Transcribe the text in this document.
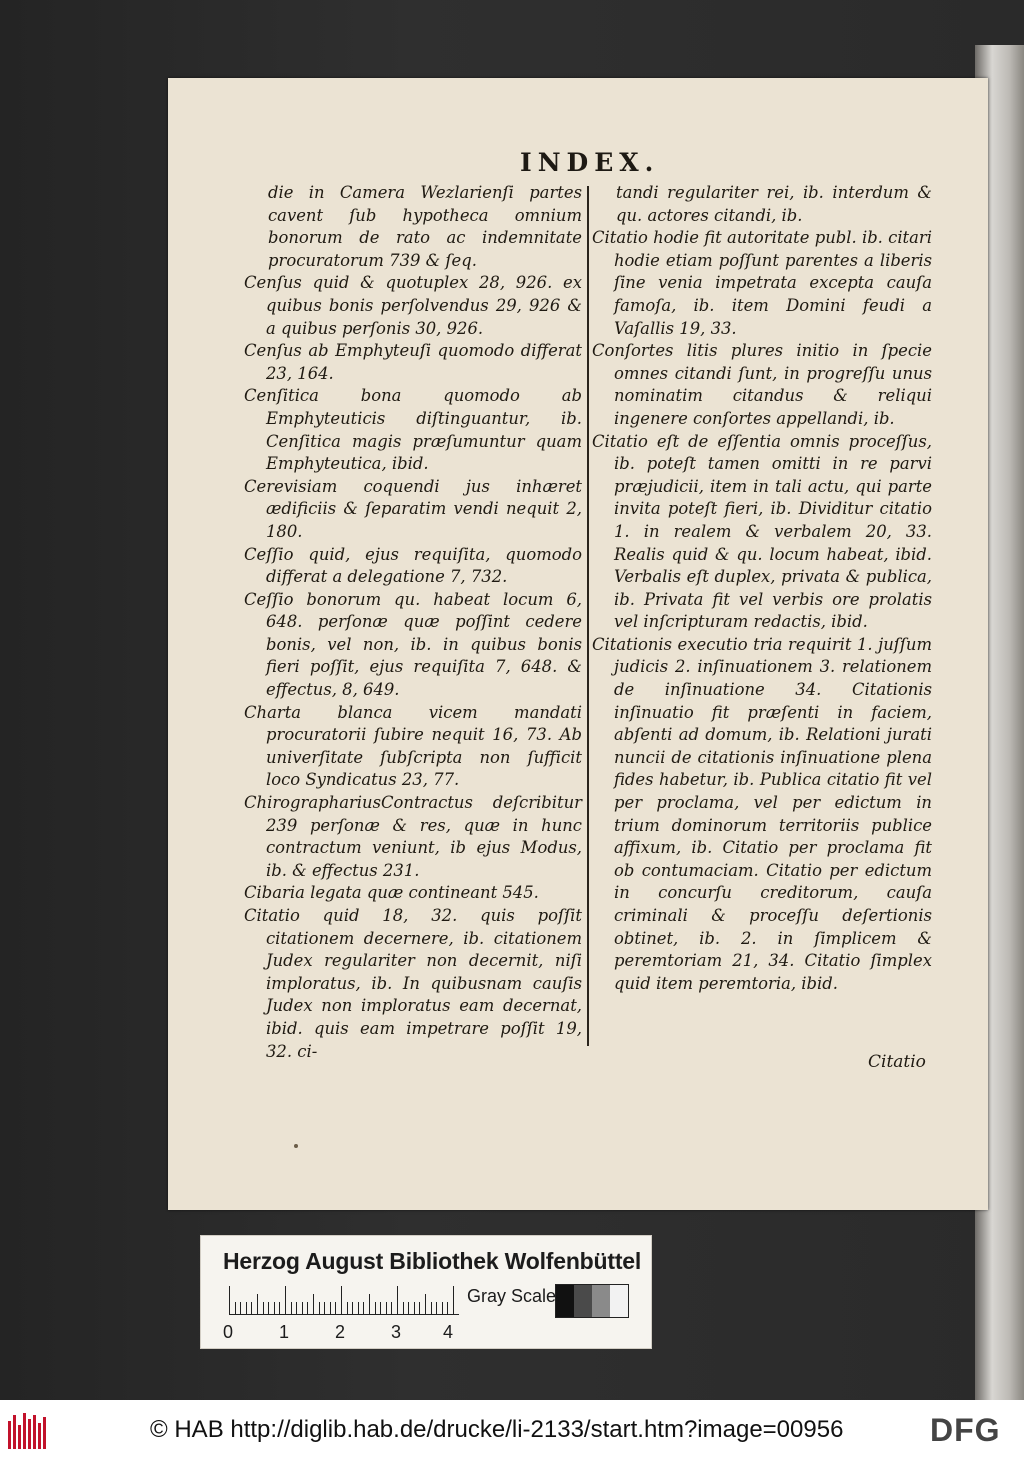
INDEX.

die in Camera Wezlarienſi partes cavent ſub hypotheca omnium bonorum de rato ac indemnitate procuratorum 739 & ſeq.

Cenſus quid & quotuplex 28, 926. ex quibus bonis perſolvendus 29, 926 & a quibus perſonis 30, 926.

Cenſus ab Emphyteuſi quomodo differat 23, 164.

Cenſitica bona quomodo ab Emphyteuticis diſtinguantur, ib. Cenſitica magis præſumuntur quam Emphyteutica, ibid.

Cerevisiam coquendi jus inhæret ædificiis & ſeparatim vendi nequit 2, 180.

Ceſſio quid, ejus requiſita, quomodo differat a delegatione 7, 732.

Ceſſio bonorum qu. habeat locum 6, 648. perſonæ quæ poſſint cedere bonis, vel non, ib. in quibus bonis fieri poſſit, ejus requiſita 7, 648. & effectus, 8, 649.

Charta blanca vicem mandati procuratorii ſubire nequit 16, 73. Ab univerſitate ſubſcripta non ſufficit loco Syndicatus 23, 77.

ChirographariusContractus deſcribitur 239 perſonæ & res, quæ in hunc contractum veniunt, ib ejus Modus, ib. & effectus 231.

Cibaria legata quæ contineant 545.

Citatio quid 18, 32. quis poſſit citationem decernere, ib. citationem Judex regulariter non decernit, niſi imploratus, ib. In quibusnam cauſis Judex non imploratus eam decernat, ibid. quis eam impetrare poſſit 19, 32. ci-

tandi regulariter rei, ib. interdum & qu. actores citandi, ib.

Citatio hodie fit autoritate publ. ib. citari hodie etiam poſſunt parentes a liberis ſine venia impetrata excepta cauſa famoſa, ib. item Domini feudi a Vaſallis 19, 33.

Conſortes litis plures initio in ſpecie omnes citandi ſunt, in progreſſu unus nominatim citandus & reliqui ingenere conſortes appellandi, ib.

Citatio eſt de eſſentia omnis proceſſus, ib. poteſt tamen omitti in re parvi præjudicii, item in tali actu, qui parte invita poteſt fieri, ib. Dividitur citatio 1. in realem & verbalem 20, 33. Realis quid & qu. locum habeat, ibid. Verbalis eſt duplex, privata & publica, ib. Privata fit vel verbis ore prolatis vel inſcripturam redactis, ibid.

Citationis executio tria requirit 1. juſſum judicis 2. inſinuationem 3. relationem de inſinuatione 34. Citationis inſinuatio fit præſenti in faciem, abſenti ad domum, ib. Relationi jurati nuncii de citationis inſinuatione plena fides habetur, ib. Publica citatio fit vel per proclama, vel per edictum in trium dominorum territoriis publice affixum, ib. Citatio per proclama fit ob contumaciam. Citatio per edictum in concurſu creditorum, cauſa criminali & proceſſu deſertionis obtinet, ib. 2. in ſimplicem & peremtoriam 21, 34. Citatio ſimplex quid item peremtoria, ibid.

Citatio
Herzog August Bibliothek Wolfenbüttel
0	1	2	3 4
Gray Scale
© HAB http://diglib.hab.de/drucke/li-2133/start.htm?image=00956	DFG
